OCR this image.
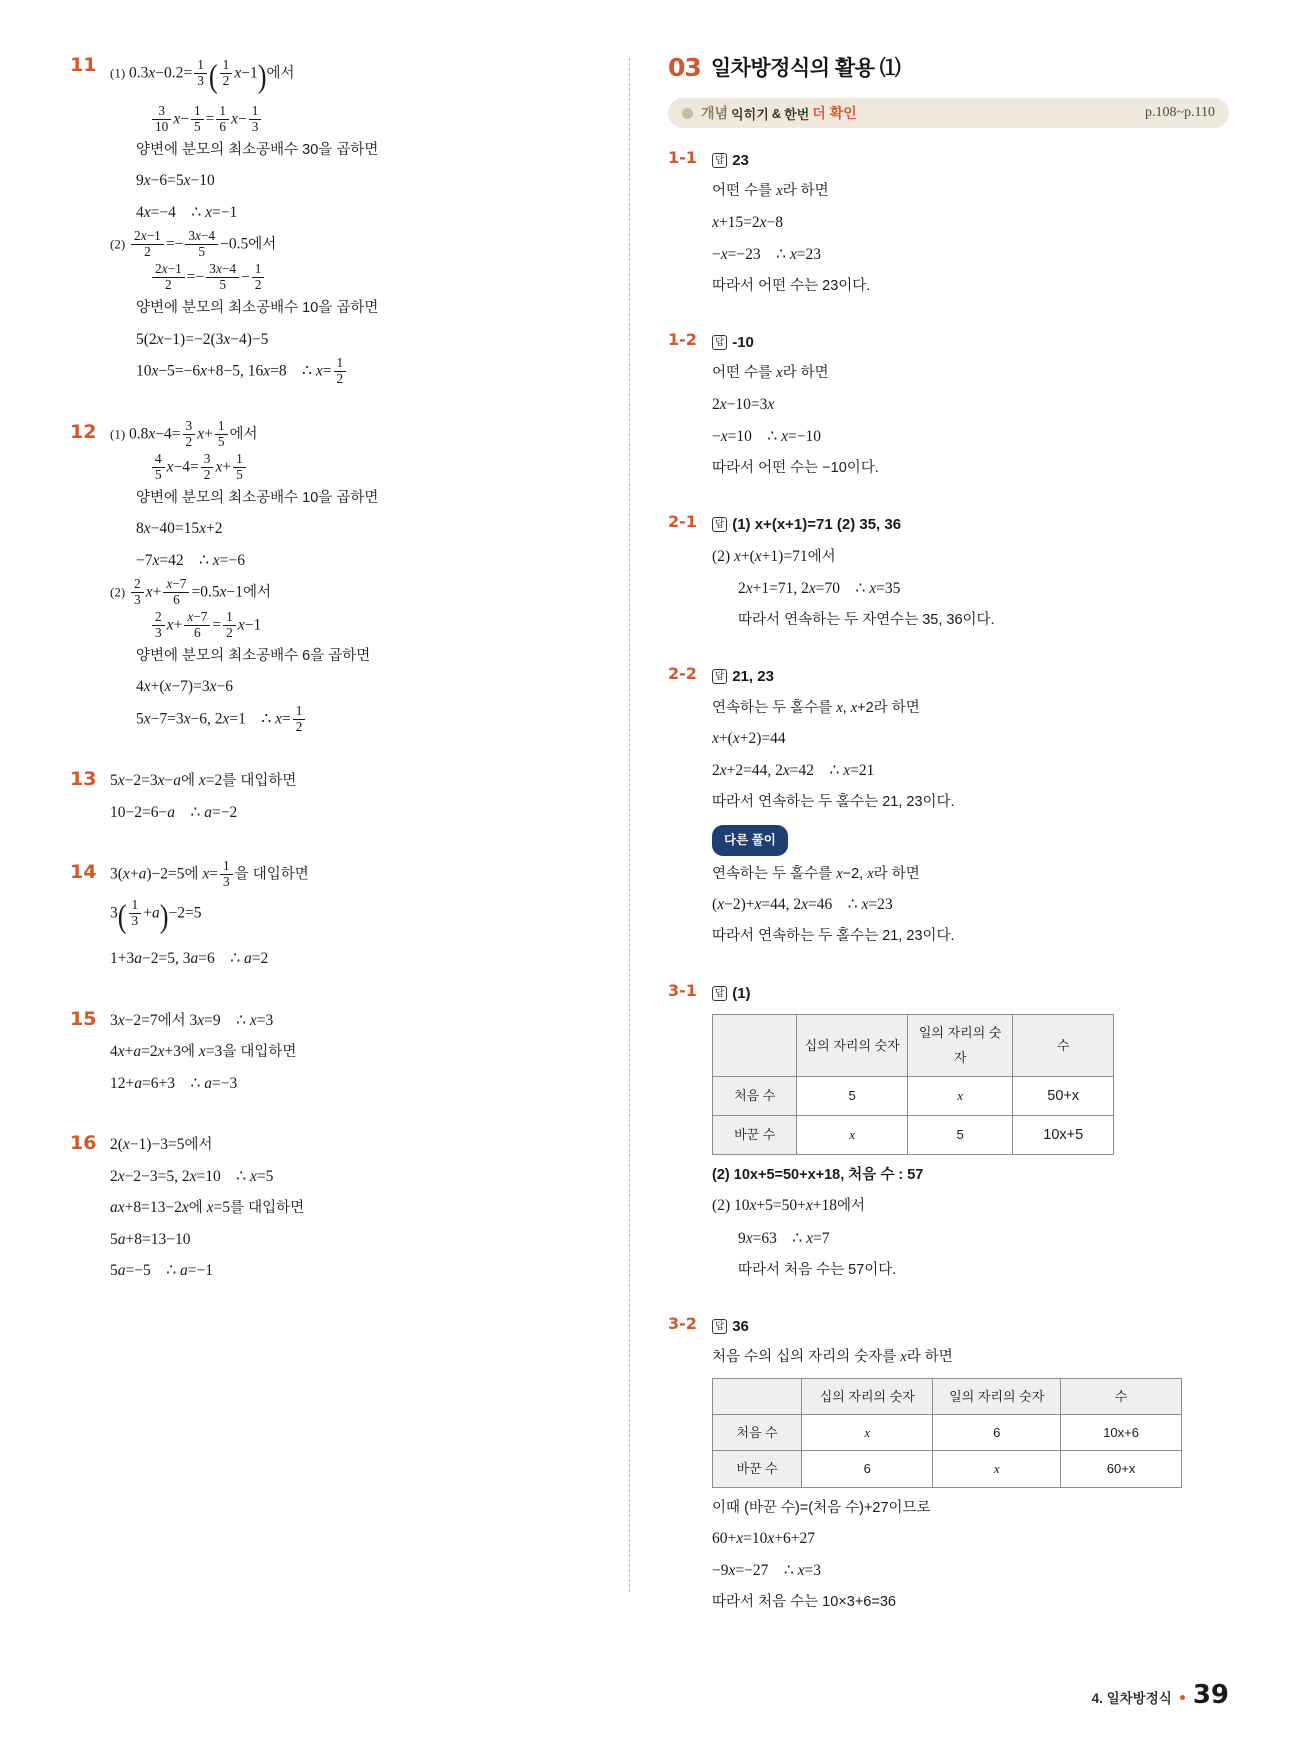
11	(1) $0.3x-0.2= \frac{1}{3}$ ( $\frac{1}{2} x-1$)에서
$\frac{3}{10} x- \frac{1}{5} = \frac{1}{6} x- \frac{1}{3}$
양변에 분모의 최소공배수 30을 곱하면
9x−6=5x−10
4x=−4    ∴ x=−1
$(2) \frac{2x-1}{2} =- \frac{3x-4}{5} -0.5$에서
$\frac{2x-1}{2} =- \frac{3x-4}{5} - \frac{1}{2}$
양변에 분모의 최소공배수 10을 곱하면
5(2x−1)=−2(3x−4)−5
10x−5=−6x+8−5, 16x=8    ∴ $x= \frac{1}{2}$
12	(1) $0.8x-4= \frac{3}{2} x+ \frac{1}{5}$ 에서
$\frac{4}{5} x-4= \frac{3}{2} x+ \frac{1}{5}$
양변에 분모의 최소공배수 10을 곱하면
8x−40=15x+2
−7x=42    ∴ x=−6
$(2) \frac{2}{3} x+ \frac{x-7}{6} =0.5x-1$에서
$\frac{2}{3} x+ \frac{x-7}{6} = \frac{1}{2} x-1$
양변에 분모의 최소공배수 6을 곱하면
4x+(x−7)=3x−6
5x−7=3x−6, 2x=1    ∴ $x= \frac{1}{2}$
13 5x−2=3x−a에 x=2를 대입하면
10−2=6−a    ∴ a=−2
14 3(x+a)−2=5에 $x= \frac{1}{3}$ 을 대입하면
$3( \frac{1}{3} +a)-2=5$
1+3a−2=5, 3a=6    ∴ a=2
15 3x−2=7에서 3x=9    ∴ x=3
4x+a=2x+3에 x=3을 대입하면
12+a=6+3    ∴ a=−3
16 2(x−1)−3=5에서
2x−2−3=5, 2x=10    ∴ x=5
ax+8=13−2x에 x=5를 대입하면
5a+8=13−10
5a=−5    ∴ a=−1
03 일차방정식의 활용 ⑴
개념 익히기 & 한번 더 확인	p.108~p.110
1-1	답 23
어떤 수를 x라 하면
x+15=2x−8
−x=−23    ∴ x=23
따라서 어떤 수는 23이다.
1-2	답 -10
어떤 수를 x라 하면
2x−10=3x
−x=10    ∴ x=−10
따라서 어떤 수는 −10이다.
2-1	답 (1) x+(x+1)=71 (2) 35, 36
(2) x+(x+1)=71에서
2x+1=71, 2x=70    ∴ x=35
따라서 연속하는 두 자연수는 35, 36이다.
2-2	답 21, 23
연속하는 두 홀수를 x, x+2라 하면
x+(x+2)=44
2x+2=44, 2x=42    ∴ x=21
따라서 연속하는 두 홀수는 21, 23이다.
다른 풀이
연속하는 두 홀수를 x−2, x라 하면
(x−2)+x=44, 2x=46    ∴ x=23
따라서 연속하는 두 홀수는 21, 23이다.
3-1	답 (1)
	십의 자리의 숫자	일의 자리의 숫자	수
처음 수	5	x	50+x
바꾼 수	x	5	10x+5
(2) 10x+5=50+x+18, 처음 수 : 57
(2) 10x+5=50+x+18에서
9x=63    ∴ x=7
따라서 처음 수는 57이다.
3-2	답 36
처음 수의 십의 자리의 숫자를 x라 하면
	십의 자리의 숫자	일의 자리의 숫자	수
처음 수	x	6	10x+6
바꾼 수	6	x	60+x
이때 (바꾼 수)=(처음 수)+27이므로
60+x=10x+6+27
−9x=−27    ∴ x=3
따라서 처음 수는 10×3+6=36
4. 일차방정식 39
